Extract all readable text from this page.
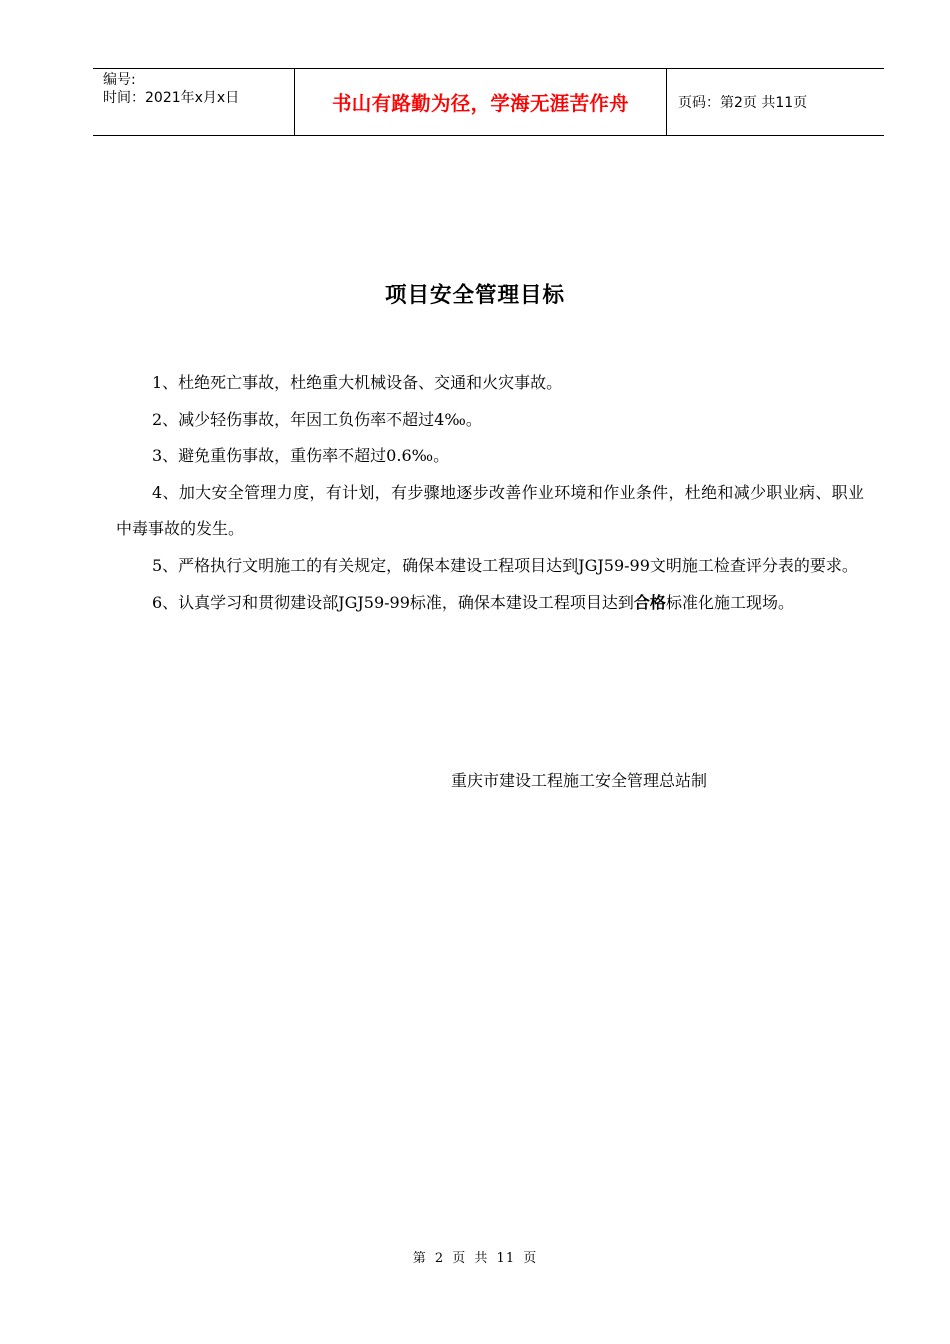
编号:
时间：2021年x月x日	书山有路勤为径，学海无涯苦作舟	页码：第2页 共11页
项目安全管理目标

1、杜绝死亡事故，杜绝重大机械设备、交通和火灾事故。

2、减少轻伤事故，年因工负伤率不超过4‰。

3、避免重伤事故，重伤率不超过0.6‰。

4、加大安全管理力度，有计划，有步骤地逐步改善作业环境和作业条件，杜绝和减少职业病、职业中毒事故的发生。

5、严格执行文明施工的有关规定，确保本建设工程项目达到JGJ59-99文明施工检查评分表的要求。

6、认真学习和贯彻建设部JGJ59-99标准，确保本建设工程项目达到合格标准化施工现场。

重庆市建设工程施工安全管理总站制
第 2 页 共 11 页
